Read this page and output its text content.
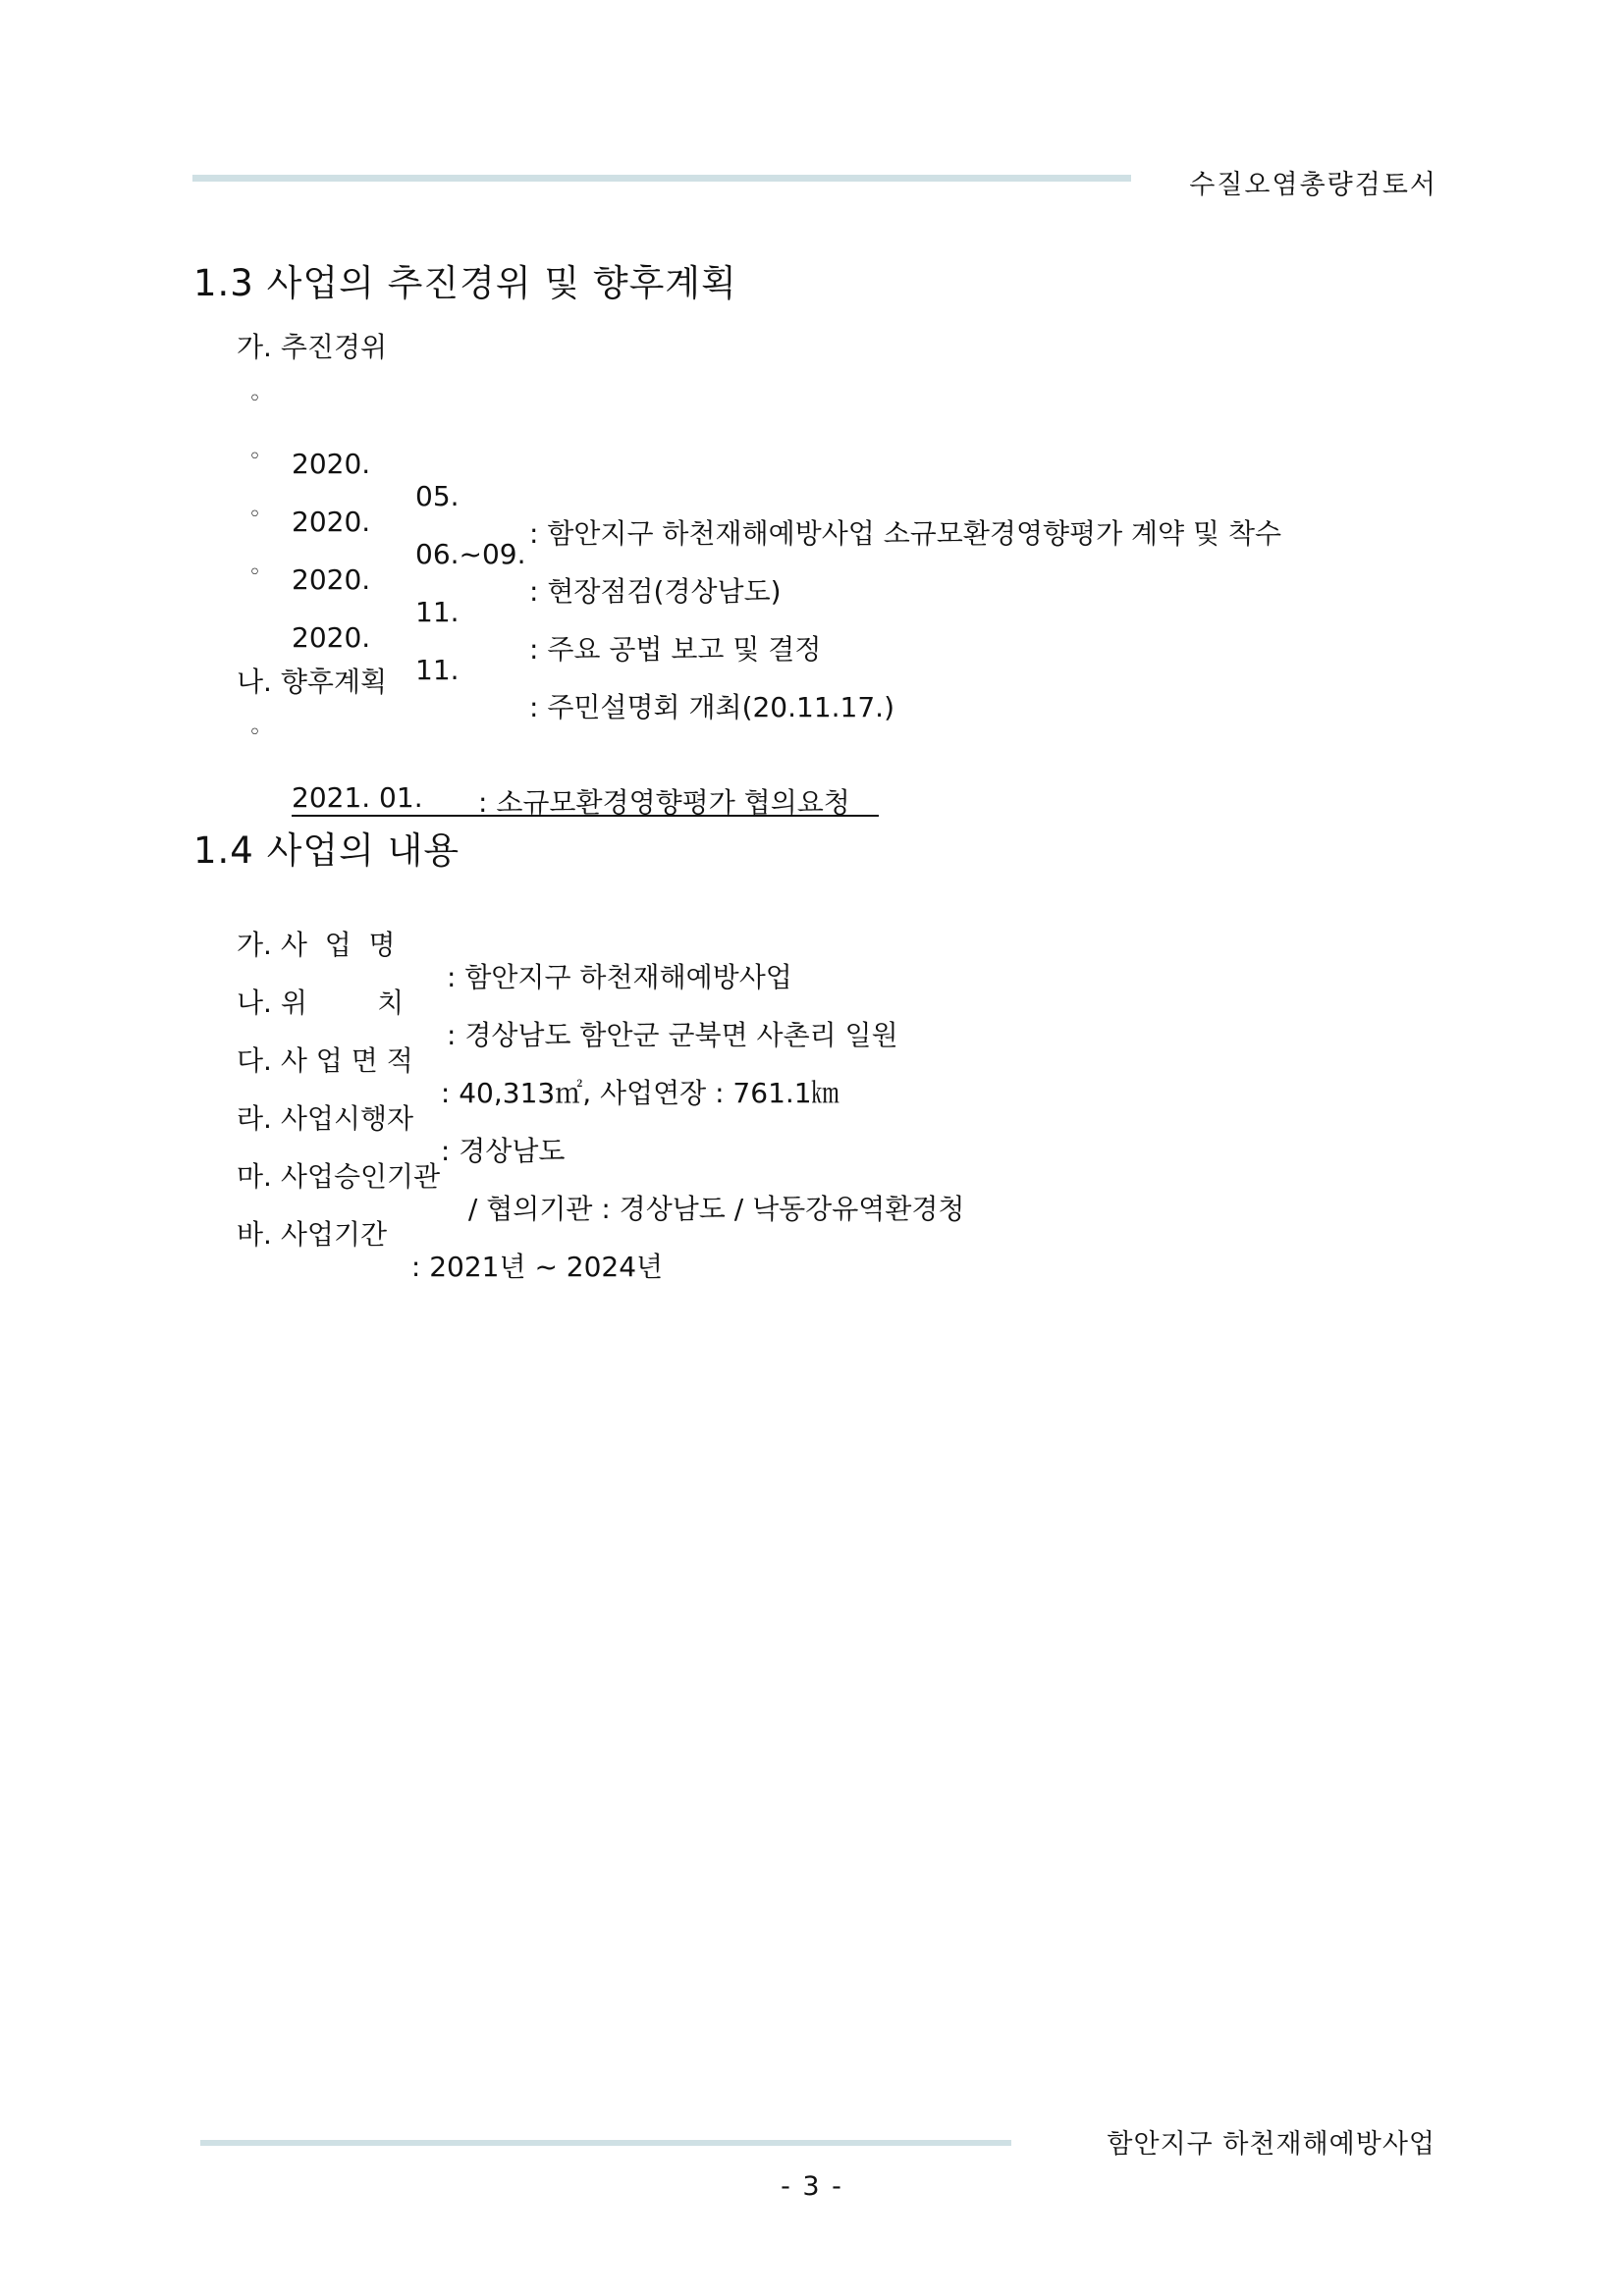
수질오염총량검토서
1.3 사업의 추진경위 및 향후계획
가. 추진경위

◦

2020.

05.

: 함안지구 하천재해예방사업 소규모환경영향평가 계약 및 착수

◦

2020.

06.~09.

: 현장점검(경상남도)

◦

2020.

11.

: 주요 공법 보고 및 결정

◦

2020.

11.

: 주민설명회 개최(20.11.17.)

나. 향후계획

◦

2021. 01. : 소규모환경영향평가 협의요청

1.4 사업의 내용

가. 사  업  명

: 함안지구 하천재해예방사업

나. 위        치

: 경상남도 함안군 군북면 사촌리 일원

다. 사 업 면 적

: 40,313㎡, 사업연장 : 761.1㎞

라. 사업시행자

: 경상남도

마. 사업승인기관

/ 협의기관 : 경상남도 / 낙동강유역환경청

바. 사업기간

: 2021년 ~ 2024년

함안지구 하천재해예방사업
- 3 -
